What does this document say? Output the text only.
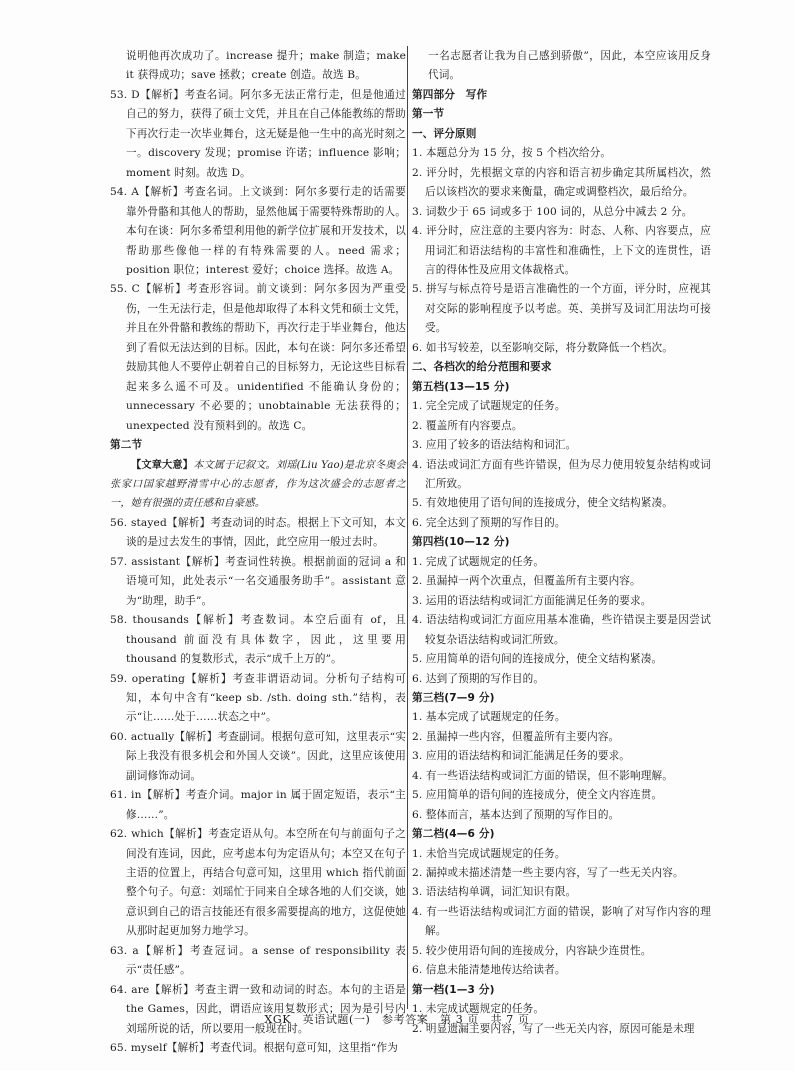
说明他再次成功了。increase 提升；make 制造；make it 获得成功；save 拯救；create 创造。故选 B。

53. D【解析】考查名词。阿尔多无法正常行走，但是他通过自己的努力，获得了硕士文凭，并且在自己体能教练的帮助下再次行走一次毕业舞台，这无疑是他一生中的高光时刻之一。discovery 发现；promise 许诺；influence 影响；moment 时刻。故选 D。

54. A【解析】考查名词。上文谈到：阿尔多要行走的话需要靠外骨骼和其他人的帮助，显然他属于需要特殊帮助的人。本句在谈：阿尔多希望利用他的新学位扩展和开发技术，以帮助那些像他一样的有特殊需要的人。need 需求；position 职位；interest 爱好；choice 选择。故选 A。

55. C【解析】考查形容词。前文谈到：阿尔多因为严重受伤，一生无法行走，但是他却取得了本科文凭和硕士文凭，并且在外骨骼和教练的帮助下，再次行走于毕业舞台，他达到了看似无法达到的目标。因此，本句在谈：阿尔多还希望鼓励其他人不要停止朝着自己的目标努力，无论这些目标看起来多么遥不可及。unidentified 不能确认身份的；unnecessary 不必要的；unobtainable 无法获得的；unexpected 没有预料到的。故选 C。

第二节

【文章大意】本文属于记叙文。刘瑶(Liu Yao)是北京冬奥会张家口国家越野滑雪中心的志愿者，作为这次盛会的志愿者之一，她有很强的责任感和自豪感。

56. stayed【解析】考查动词的时态。根据上下文可知，本文谈的是过去发生的事情，因此，此空应用一般过去时。

57. assistant【解析】考查词性转换。根据前面的冠词 a 和语境可知，此处表示“一名交通服务助手”。assistant 意为“助理，助手”。

58. thousands【解析】考查数词。本空后面有 of，且 thousand 前面没有具体数字，因此，这里要用 thousand 的复数形式，表示“成千上万的”。

59. operating【解析】考查非谓语动词。分析句子结构可知，本句中含有“keep sb. /sth. doing sth.”结构，表示“让……处于……状态之中”。

60. actually【解析】考查副词。根据句意可知，这里表示“实际上我没有很多机会和外国人交谈”。因此，这里应该使用副词修饰动词。

61. in【解析】考查介词。major in 属于固定短语，表示“主修……”。

62. which【解析】考查定语从句。本空所在句与前面句子之间没有连词，因此，应考虑本句为定语从句；本空又在句子主语的位置上，再结合句意可知，这里用 which 指代前面整个句子。句意：刘瑶忙于同来自全球各地的人们交谈，她意识到自己的语言技能还有很多需要提高的地方，这促使她从那时起更加努力地学习。

63. a【解析】考查冠词。a sense of responsibility 表示“责任感”。

64. are【解析】考查主谓一致和动词的时态。本句的主语是 the Games，因此，谓语应该用复数形式；因为是引号内刘瑶所说的话，所以要用一般现在时。

65. myself【解析】考查代词。根据句意可知，这里指“作为

一名志愿者让我为自己感到骄傲”，因此，本空应该用反身代词。

第四部分　写作

第一节

一、评分原则

1. 本题总分为 15 分，按 5 个档次给分。

2. 评分时，先根据文章的内容和语言初步确定其所属档次，然后以该档次的要求来衡量，确定或调整档次，最后给分。

3. 词数少于 65 词或多于 100 词的，从总分中减去 2 分。

4. 评分时，应注意的主要内容为：时态、人称、内容要点，应用词汇和语法结构的丰富性和准确性，上下文的连贯性，语言的得体性及应用文体裁格式。

5. 拼写与标点符号是语言准确性的一个方面，评分时，应视其对交际的影响程度予以考虑。英、美拼写及词汇用法均可接受。

6. 如书写较差，以至影响交际，将分数降低一个档次。

二、各档次的给分范围和要求

第五档(13—15 分)

1. 完全完成了试题规定的任务。

2. 覆盖所有内容要点。

3. 应用了较多的语法结构和词汇。

4. 语法或词汇方面有些许错误，但为尽力使用较复杂结构或词汇所致。

5. 有效地使用了语句间的连接成分，使全文结构紧凑。

6. 完全达到了预期的写作目的。

第四档(10—12 分)

1. 完成了试题规定的任务。

2. 虽漏掉一两个次重点，但覆盖所有主要内容。

3. 运用的语法结构或词汇方面能满足任务的要求。

4. 语法结构或词汇方面应用基本准确，些许错误主要是因尝试较复杂语法结构或词汇所致。

5. 应用简单的语句间的连接成分，使全文结构紧凑。

6. 达到了预期的写作目的。

第三档(7—9 分)

1. 基本完成了试题规定的任务。

2. 虽漏掉一些内容，但覆盖所有主要内容。

3. 应用的语法结构和词汇能满足任务的要求。

4. 有一些语法结构或词汇方面的错误，但不影响理解。

5. 应用简单的语句间的连接成分，使全文内容连贯。

6. 整体而言，基本达到了预期的写作目的。

第二档(4—6 分)

1. 未恰当完成试题规定的任务。

2. 漏掉或未描述清楚一些主要内容，写了一些无关内容。

3. 语法结构单调，词汇知识有限。

4. 有一些语法结构或词汇方面的错误，影响了对写作内容的理解。

5. 较少使用语句间的连接成分，内容缺少连贯性。

6. 信息未能清楚地传达给读者。

第一档(1—3 分)

1. 未完成试题规定的任务。

2. 明显遗漏主要内容，写了一些无关内容，原因可能是未理

XGK　英语试题(一)　参考答案　第 3 页　共 7 页
